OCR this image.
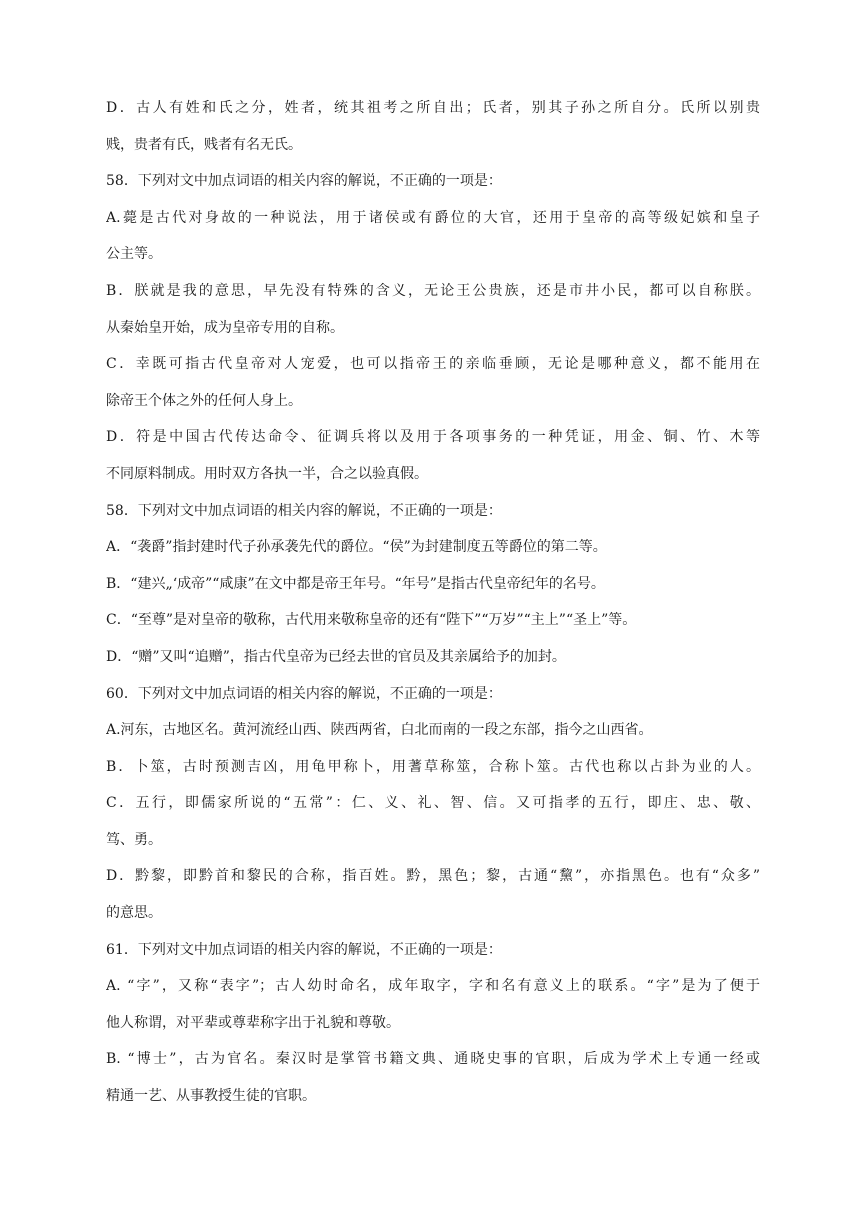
D．古人有姓和氏之分，姓者，统其祖考之所自出；氏者，别其子孙之所自分。氏所以别贵
贱，贵者有氏，贱者有名无氏。
58．下列对文中加点词语的相关内容的解说，不正确的一项是：
A.薨是古代对身故的一种说法，用于诸侯或有爵位的大官，还用于皇帝的高等级妃嫔和皇子
公主等。
B．朕就是我的意思，早先没有特殊的含义，无论王公贵族，还是市井小民，都可以自称朕。
从秦始皇开始，成为皇帝专用的自称。
C．幸既可指古代皇帝对人宠爱，也可以指帝王的亲临垂顾，无论是哪种意义，都不能用在
除帝王个体之外的任何人身上。
D．符是中国古代传达命令、征调兵将以及用于各项事务的一种凭证，用金、铜、竹、木等
不同原料制成。用时双方各执一半，合之以验真假。
58．下列对文中加点词语的相关内容的解说，不正确的一项是：
A．“袭爵”指封建时代子孙承袭先代的爵位。“侯”为封建制度五等爵位的第二等。
B．“建兴„‘成帝”“咸康”在文中都是帝王年号。“年号”是指古代皇帝纪年的名号。
C．“至尊”是对皇帝的敬称，古代用来敬称皇帝的还有“陛下”“万岁”“主上”“圣上”等。
D．“赠”又叫“追赠”，指古代皇帝为已经去世的官员及其亲属给予的加封。
60．下列对文中加点词语的相关内容的解说，不正确的一项是：
A.河东，古地区名。黄河流经山西、陕西两省，白北而南的一段之东部，指今之山西省。
B．卜筮，古时预测吉凶，用龟甲称卜，用蓍草称筮，合称卜筮。古代也称以占卦为业的人。
C．五行，即儒家所说的“五常”：仁、义、礼、智、信。又可指孝的五行，即庄、忠、敬、
笃、勇。
D．黔黎，即黔首和黎民的合称，指百姓。黔，黑色；黎，古通“黧”，亦指黑色。也有“众多”
的意思。
61．下列对文中加点词语的相关内容的解说，不正确的一项是：
A. “字”，又称“表字”；古人幼时命名，成年取字，字和名有意义上的联系。“字”是为了便于
他人称谓，对平辈或尊辈称字出于礼貌和尊敬。
B. “博士”，古为官名。秦汉时是掌管书籍文典、通晓史事的官职，后成为学术上专通一经或
精通一艺、从事教授生徒的官职。
